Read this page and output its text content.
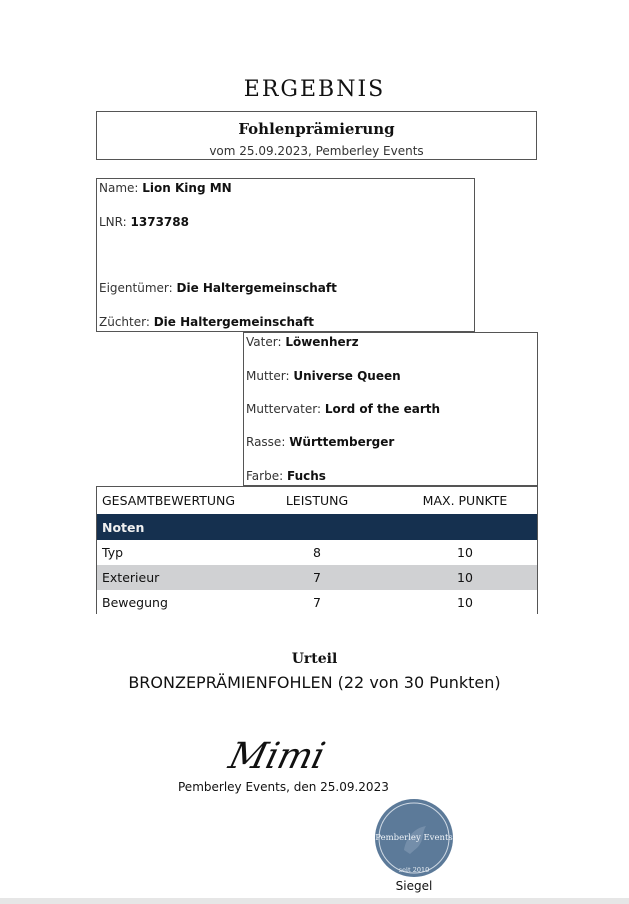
ERGEBNIS
Fohlenprämierung
vom 25.09.2023, Pemberley Events
Name: Lion King MN
LNR: 1373788
Eigentümer: Die Haltergemeinschaft
Züchter: Die Haltergemeinschaft
Vater: Löwenherz
Mutter: Universe Queen
Muttervater: Lord of the earth
Rasse: Württemberger
Farbe: Fuchs
GESAMTBEWERTUNG	LEISTUNG	MAX. PUNKTE
Noten
Typ	8	10
Exterieur	7	10
Bewegung	7	10
Urteil
BRONZEPRÄMIENFOHLEN (22 von 30 Punkten)
Mimi
Pemberley Events, den 25.09.2023
Pemberley Events
seit 2010
Siegel
